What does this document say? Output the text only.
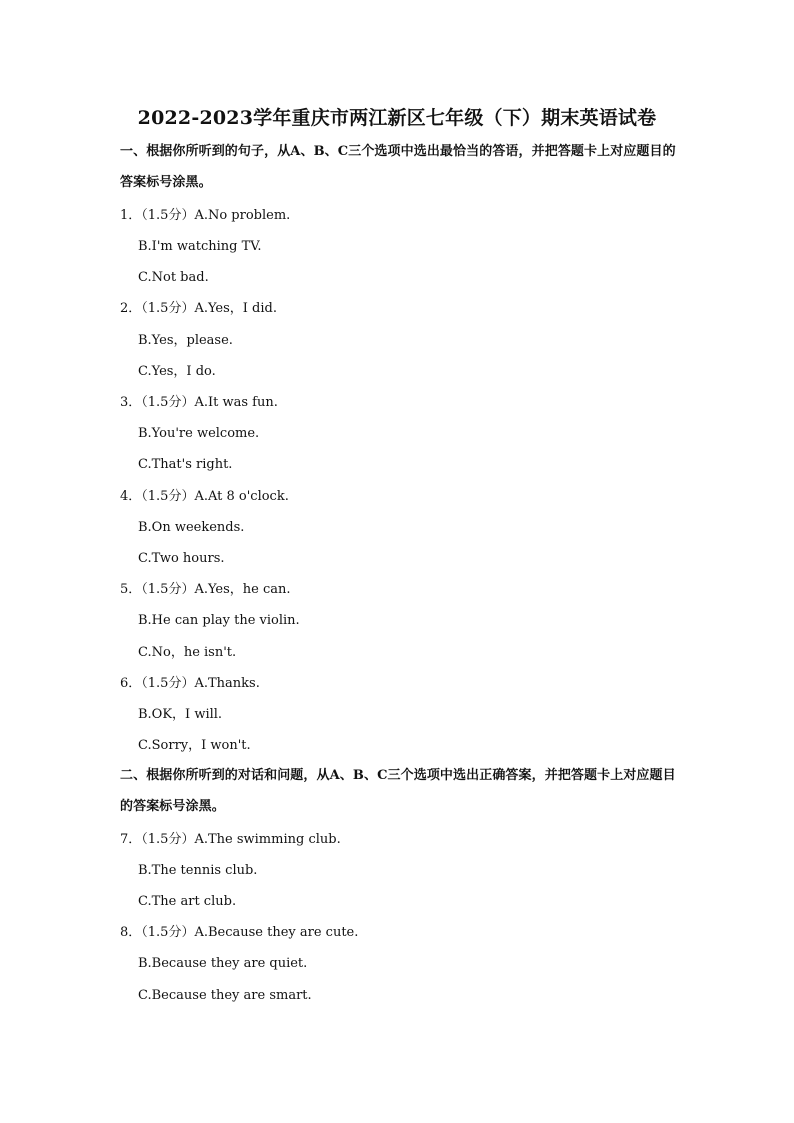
2022-2023学年重庆市两江新区七年级（下）期末英语试卷
一、根据你所听到的句子，从A、B、C三个选项中选出最恰当的答语，并把答题卡上对应题目的答案标号涂黑。
1．（1.5分）A.No problem.
B.I'm watching TV.
C.Not bad.
2．（1.5分）A.Yes，I did.
B.Yes，please.
C.Yes，I do.
3．（1.5分）A.It was fun.
B.You're welcome.
C.That's right.
4．（1.5分）A.At 8 o'clock.
B.On weekends.
C.Two hours.
5．（1.5分）A.Yes，he can.
B.He can play the violin.
C.No，he isn't.
6．（1.5分）A.Thanks.
B.OK，I will.
C.Sorry，I won't.
二、根据你所听到的对话和问题，从A、B、C三个选项中选出正确答案，并把答题卡上对应题目的答案标号涂黑。
7．（1.5分）A.The swimming club.
B.The tennis club.
C.The art club.
8．（1.5分）A.Because they are cute.
B.Because they are quiet.
C.Because they are smart.
